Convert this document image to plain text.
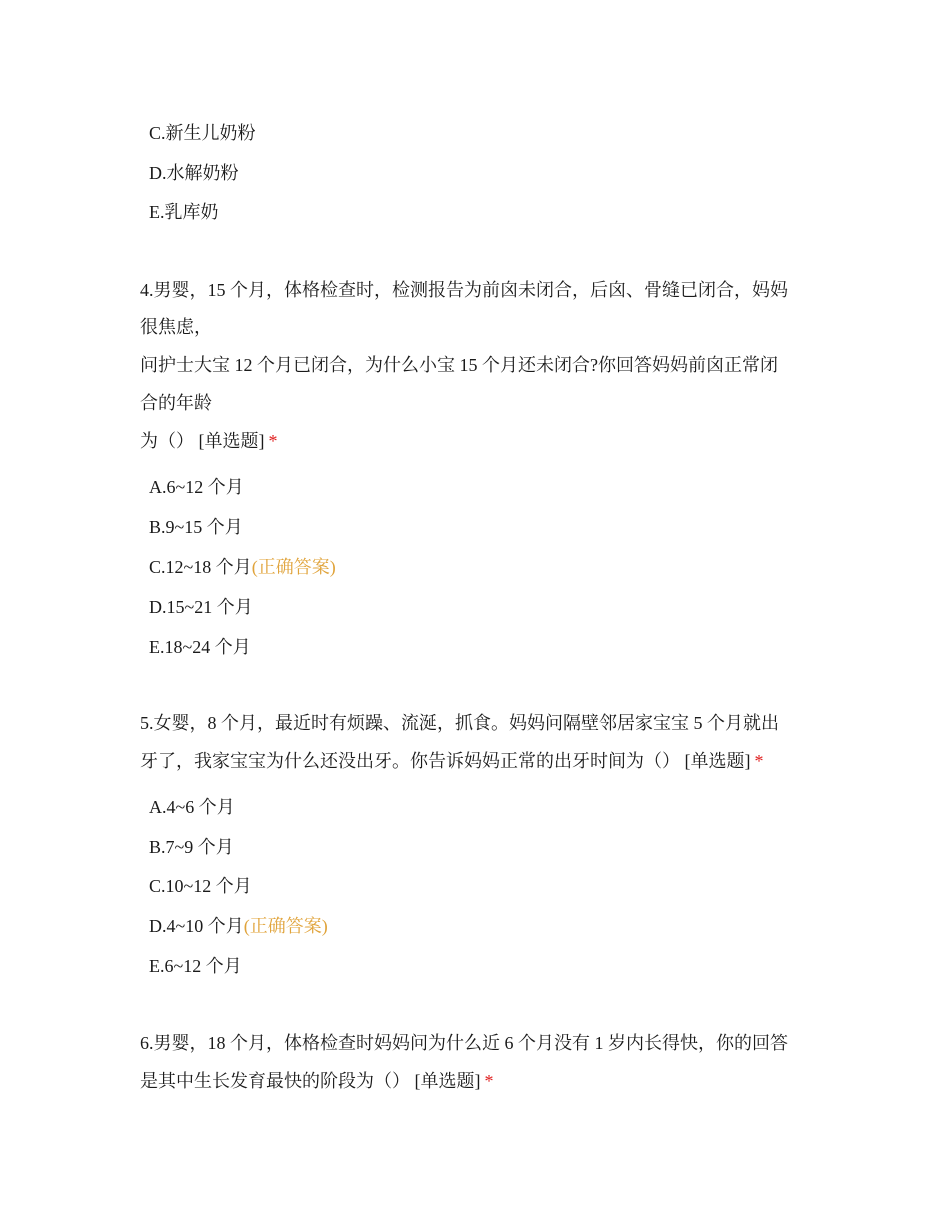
C.新生儿奶粉
D.水解奶粉
E.乳库奶
4.男婴，15 个月，体格检查时，检测报告为前囟未闭合，后囟、骨缝已闭合，妈妈
很焦虑，
问护士大宝 12 个月已闭合，为什么小宝 15 个月还未闭合?你回答妈妈前囟正常闭
合的年龄
为（） [单选题] *
A.6~12 个月
B.9~15 个月
C.12~18 个月(正确答案)
D.15~21 个月
E.18~24 个月
5.女婴，8 个月，最近时有烦躁、流涎，抓食。妈妈问隔壁邻居家宝宝 5 个月就出
牙了，我家宝宝为什么还没出牙。你告诉妈妈正常的出牙时间为（） [单选题] *
A.4~6 个月
B.7~9 个月
C.10~12 个月
D.4~10 个月(正确答案)
E.6~12 个月
6.男婴，18 个月，体格检查时妈妈问为什么近 6 个月没有 1 岁内长得快，你的回答
是其中生长发育最快的阶段为（） [单选题] *
